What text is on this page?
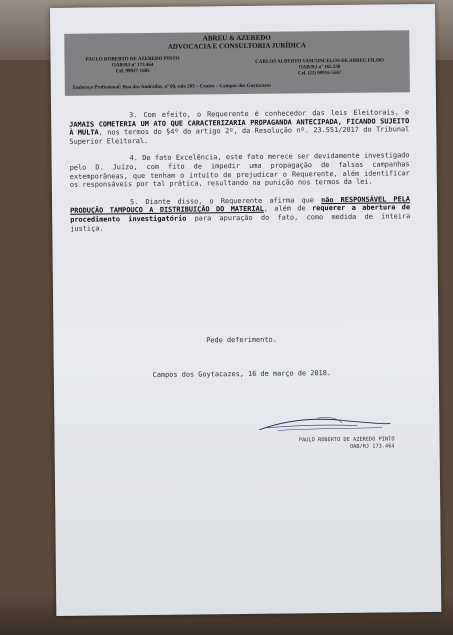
ABREU & AZEREDO
ADVOCACIA E CONSULTORIA JURÍDICA
PAULO ROBERTO DE AZEREDO PINTO
OAB/RJ nº 173.464
Cel. 99927-1605
CARLOS ALBERTO VASCONCELOS DE ABREU FILHO
OAB/RJ nº 165.230
Cel. (22) 99916-5567
Endereço Profissional: Rua dos Andradas, nº 60, sala 203 – Centro – Campos dos Goytacazes

3. Com efeito, o Requerente é conhecedor das leis Eleitorais, e JAMAIS COMETERIA UM ATO QUE CARACTERIZARIA PROPAGANDA ANTECIPADA, FICANDO SUJEITO À MULTA, nos termos do §4º do artigo 2º, da Resolução nº. 23.551/2017 do Tribunal Superior Eleitoral.

4. De fato Excelência, este fato merece ser devidamente investigado pelo D. Juízo, com fito de impedir uma propagação de falsas campanhas extemporâneas, que tenham o intuito de prejudicar o Requerente, além identificar os responsáveis por tal prática, resultando na punição nos termos da lei.

5. Diante disso, o Requerente afirma que não RESPONSÁVEL PELA PRODUÇÃO TAMPOUCO A DISTRIBUIÇÃO DO MATERIAL, além de requerer a abertura de procedimento investigatório para apuração do fato, como medida de inteira justiça.

Pede deferimento.
Campos dos Goytacazes, 16 de março de 2018.
PAULO ROBERTO DE AZEREDO PINTO
OAB/RJ 173.464
